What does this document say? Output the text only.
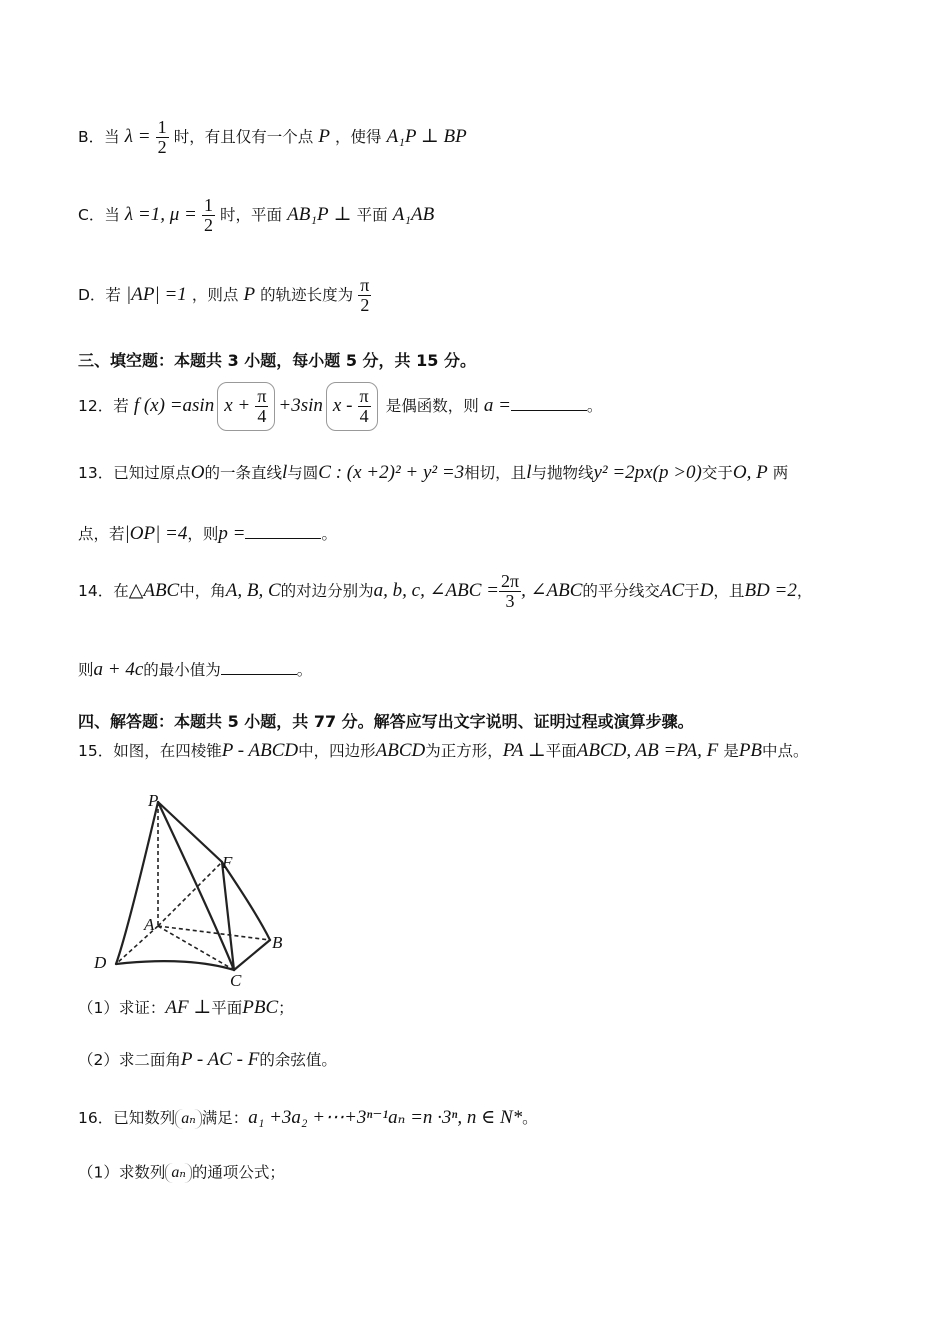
B．当 $\lambda = \frac{1}{2}$ 时，有且仅有一个点 P ，使得 A₁P ⊥ BP
C．当 λ =1, $\mu = \frac{1}{2}$ 时，平面 AB₁P ⊥ 平面 A₁AB
D．若 |AP| =1 ，则点 P 的轨迹长度为 $\frac{\pi}{2}$
三、填空题：本题共 3 小题，每小题 5 分，共 15 分。
12．若 f (x) =asin $x + \frac{\pi}{4} +3\sin$ x - $\frac{\pi}{4}$ 是偶函数，则 a =	。
13．已知过原点O的一条直线l与圆C : (x +2)² + y² =3相切，且l与抛物线y² =2px(p >0)交于O, P 两
点，若|OP| =4，则p =	。
14．在△ABC中，角A, B, C的对边分别为a, b, c, ∠ABC = $\frac{2\pi}{3}$ , ∠ABC的平分线交AC于D，且BD =2，
则a + 4c的最小值为	。
四、解答题：本题共 5 小题，共 77 分。解答应写出文字说明、证明过程或演算步骤。
15．如图，在四棱锥P - ABCD中，四边形ABCD为正方形，PA ⊥平面ABCD, AB =PA, F 是PB中点。
P
F
A
B
D
C
（1）求证：AF ⊥平面PBC；
（2）求二面角P - AC - F的余弦值。
16．已知数列 aₙ 满足：a₁ +3a₂ +⋯+3ⁿ⁻¹aₙ =n ·3ⁿ, n ∈ N*。
（1）求数列 aₙ 的通项公式；
